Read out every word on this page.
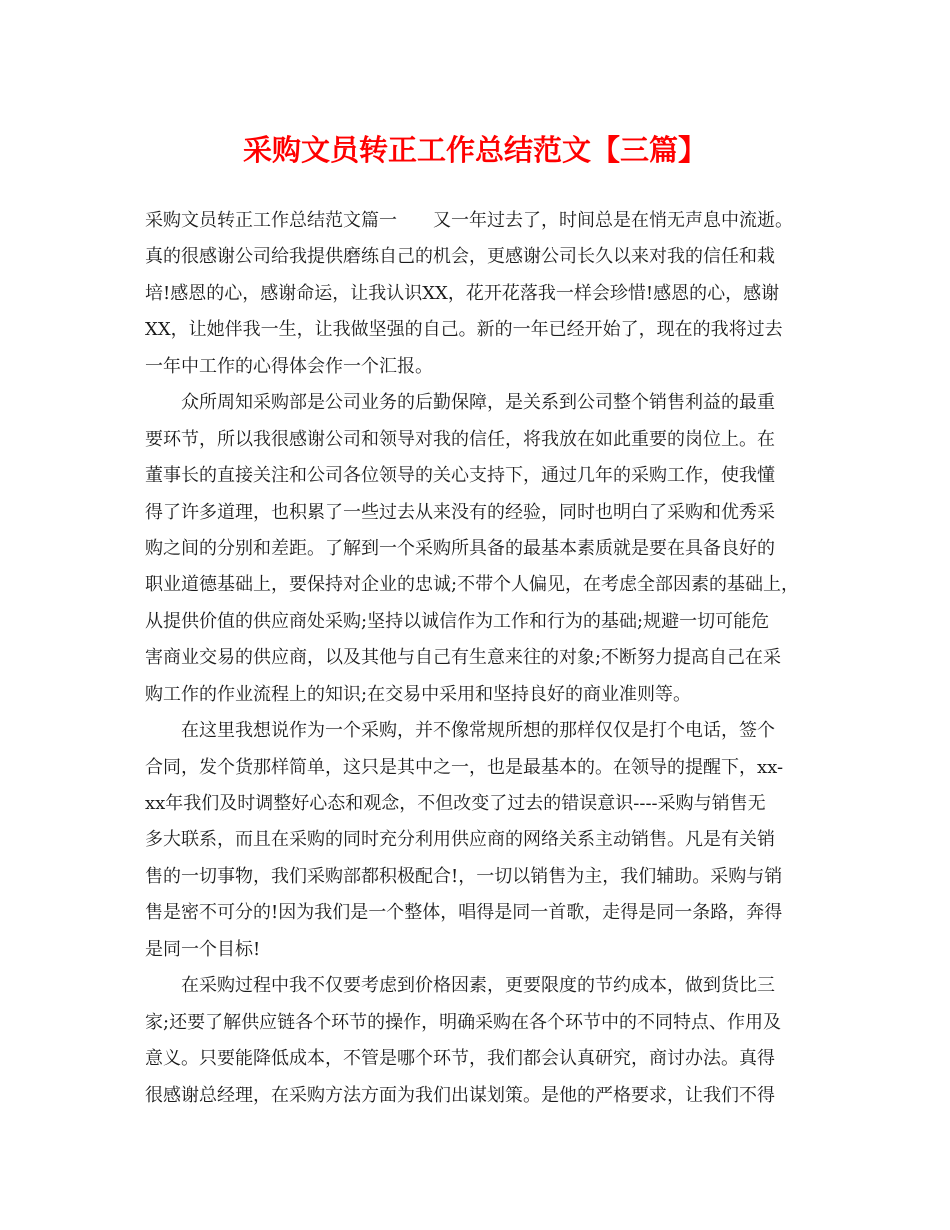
采购文员转正工作总结范文【三篇】
采购文员转正工作总结范文篇一　　又一年过去了，时间总是在悄无声息中流逝。
真的很感谢公司给我提供磨练自己的机会，更感谢公司长久以来对我的信任和栽
培!感恩的心，感谢命运，让我认识XX，花开花落我一样会珍惜!感恩的心，感谢
XX，让她伴我一生，让我做坚强的自己。新的一年已经开始了，现在的我将过去
一年中工作的心得体会作一个汇报。
众所周知采购部是公司业务的后勤保障，是关系到公司整个销售利益的最重
要环节，所以我很感谢公司和领导对我的信任，将我放在如此重要的岗位上。在
董事长的直接关注和公司各位领导的关心支持下，通过几年的采购工作，使我懂
得了许多道理，也积累了一些过去从来没有的经验，同时也明白了采购和优秀采
购之间的分别和差距。了解到一个采购所具备的最基本素质就是要在具备良好的
职业道德基础上，要保持对企业的忠诚;不带个人偏见，在考虑全部因素的基础上，
从提供价值的供应商处采购;坚持以诚信作为工作和行为的基础;规避一切可能危
害商业交易的供应商，以及其他与自己有生意来往的对象;不断努力提高自己在采
购工作的作业流程上的知识;在交易中采用和坚持良好的商业准则等。
在这里我想说作为一个采购，并不像常规所想的那样仅仅是打个电话，签个
合同，发个货那样简单，这只是其中之一，也是最基本的。在领导的提醒下，xx-
xx年我们及时调整好心态和观念，不但改变了过去的错误意识----采购与销售无
多大联系，而且在采购的同时充分利用供应商的网络关系主动销售。凡是有关销
售的一切事物，我们采购部都积极配合!，一切以销售为主，我们辅助。采购与销
售是密不可分的!因为我们是一个整体，唱得是同一首歌，走得是同一条路，奔得
是同一个目标!
在采购过程中我不仅要考虑到价格因素，更要限度的节约成本，做到货比三
家;还要了解供应链各个环节的操作，明确采购在各个环节中的不同特点、作用及
意义。只要能降低成本，不管是哪个环节，我们都会认真研究，商讨办法。真得
很感谢总经理，在采购方法方面为我们出谋划策。是他的严格要求，让我们不得
